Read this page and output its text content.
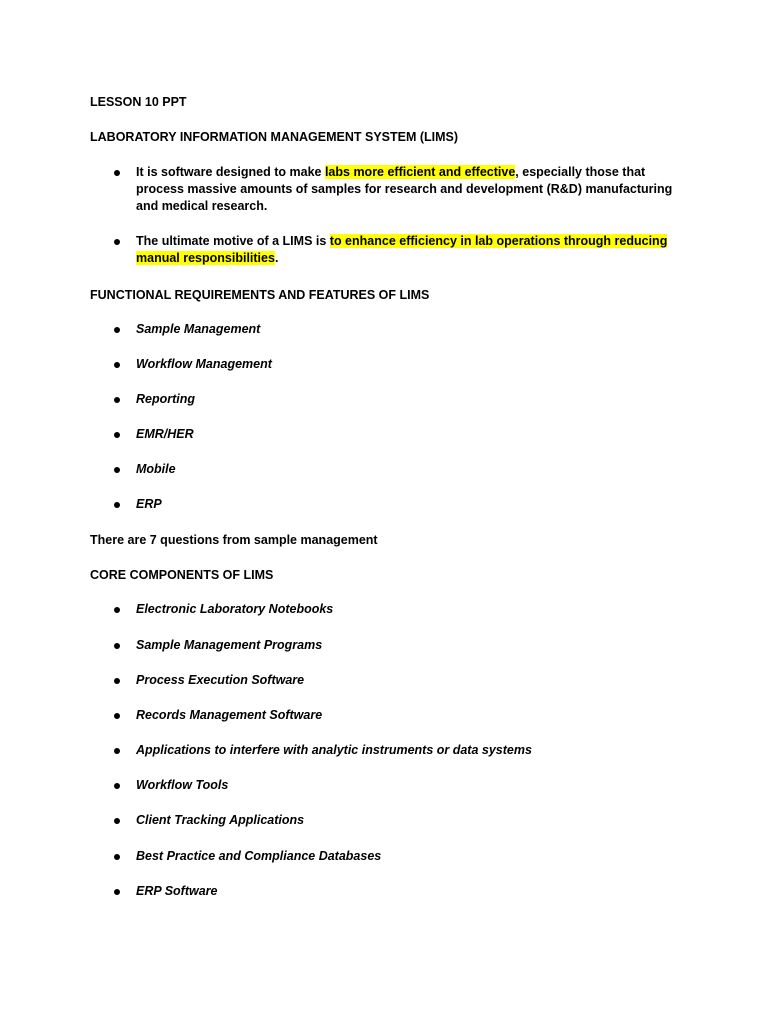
LESSON 10 PPT
LABORATORY INFORMATION MANAGEMENT SYSTEM (LIMS)
It is software designed to make labs more efficient and effective, especially those that process massive amounts of samples for research and development (R&D) manufacturing and medical research.
The ultimate motive of a LIMS is to enhance efficiency in lab operations through reducing manual responsibilities.
FUNCTIONAL REQUIREMENTS AND FEATURES OF LIMS
Sample Management
Workflow Management
Reporting
EMR/HER
Mobile
ERP
There are 7 questions from sample management
CORE COMPONENTS OF LIMS
Electronic Laboratory Notebooks
Sample Management Programs
Process Execution Software
Records Management Software
Applications to interfere with analytic instruments or data systems
Workflow Tools
Client Tracking Applications
Best Practice and Compliance Databases
ERP Software
